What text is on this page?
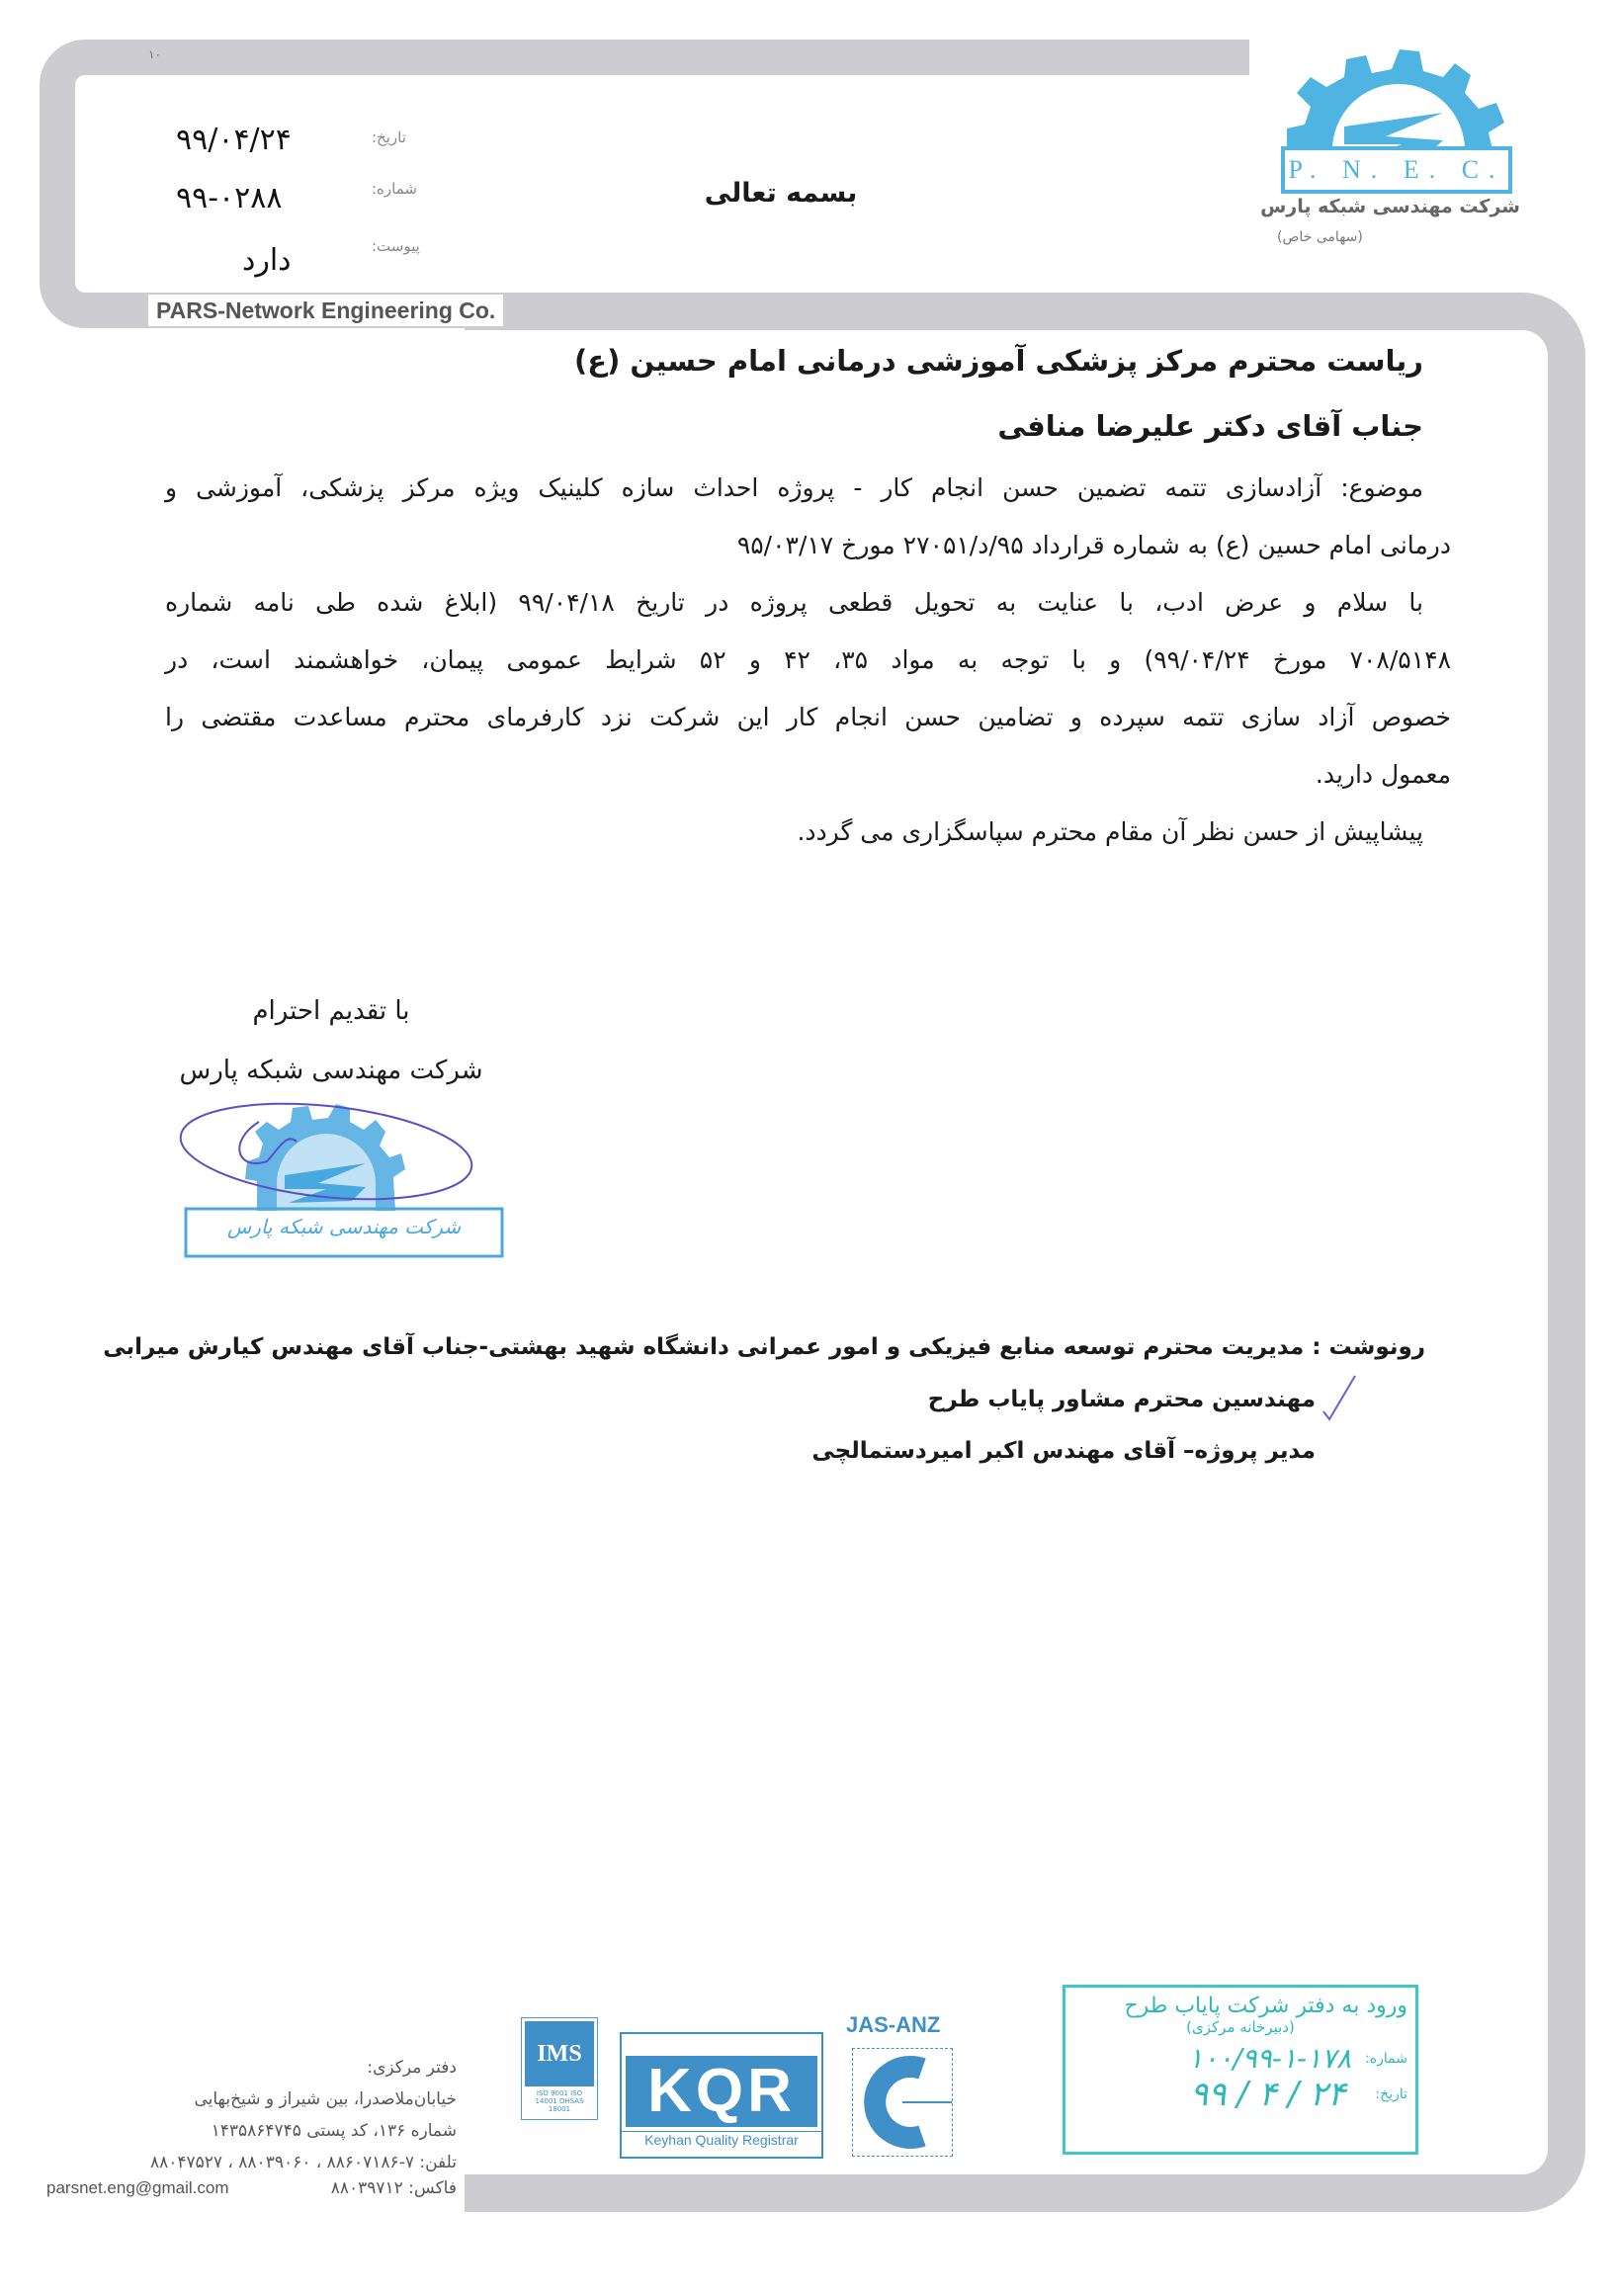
۱۰
P. N. E. C.
شرکت مهندسی شبکه پارس
(سهامی خاص)
تاریخ:
۹۹/۰۴/۲۴
شماره:
۹۹-۰۲۸۸
پیوست:
دارد
بسمه تعالی
PARS-Network Engineering Co.
ریاست محترم مرکز پزشکی آموزشی درمانی امام حسین (ع)
جناب آقای دکتر علیرضا منافی
موضوع: آزادسازی تتمه تضمین حسن انجام کار - پروژه احداث سازه کلینیک ویژه مرکز پزشکی، آموزشی و
درمانی امام حسین (ع) به شماره قرارداد ۹۵/د/۲۷۰۵۱ مورخ ۹۵/۰۳/۱۷
با سلام و عرض ادب، با عنایت به تحویل قطعی پروژه در تاریخ ۹۹/۰۴/۱۸ (ابلاغ شده طی نامه شماره
۷۰۸/۵۱۴۸ مورخ ۹۹/۰۴/۲۴) و با توجه به مواد ۳۵، ۴۲ و ۵۲ شرایط عمومی پیمان، خواهشمند است، در
خصوص آزاد سازی تتمه سپرده و تضامین حسن انجام کار این شرکت نزد کارفرمای محترم مساعدت مقتضی را
معمول دارید.
پیشاپیش از حسن نظر آن مقام محترم سپاسگزاری می گردد.
با تقدیم احترام
شرکت مهندسی شبکه پارس
شرکت مهندسی شبکه پارس
رونوشت : مدیریت محترم توسعه منابع فیزیکی و امور عمرانی دانشگاه شهید بهشتی-جناب آقای مهندس کیارش میرابی
مهندسین محترم مشاور پایاب طرح
مدیر پروژه– آقای مهندس اکبر امیردستمالچی
دفتر مرکزی:
خیابان‌ملاصدرا، بین شیراز و شیخ‌بهایی
شماره ۱۳۶، کد پستی ۱۴۳۵۸۶۴۷۴۵
تلفن: ۷-۸۸۶۰۷۱۸۶ ، ۸۸۰۳۹۰۶۰ ، ۸۸۰۴۷۵۲۷
فاکس: ۸۸۰۳۹۷۱۲
parsnet.eng@gmail.com
IMS
ISO 9001 ISO 14001 OHSAS 18001	KQR
Keyhan Quality Registrar
JAS-ANZ
ورود به دفتر شرکت پایاب طرح
(دبیرخانه مرکزی)
شماره:
۱۰۰/۹۹-۱-۱۷۸
تاریخ:
۲۴ / ۴ / ۹۹
